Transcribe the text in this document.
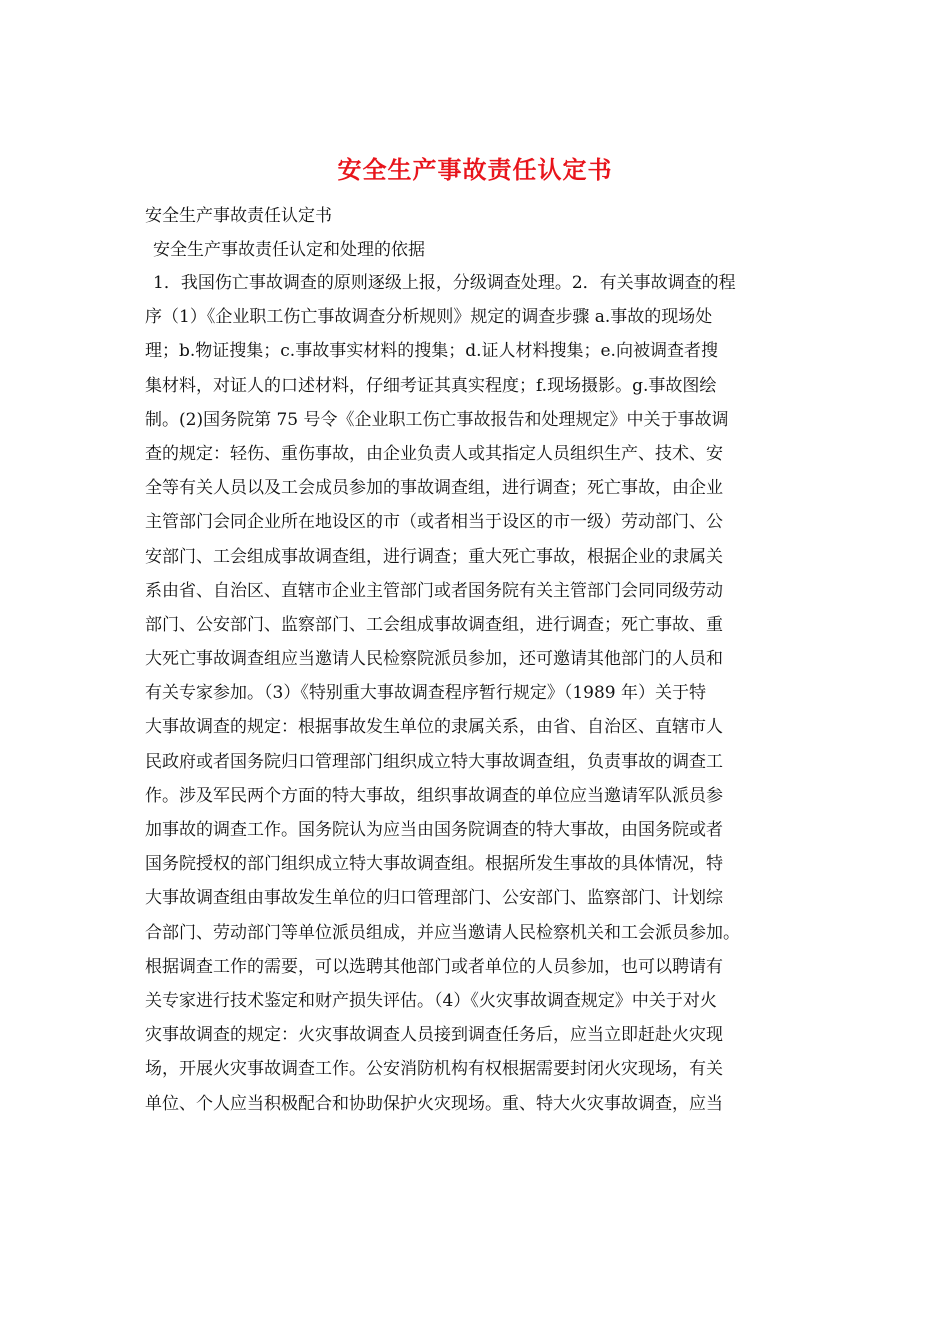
安全生产事故责任认定书

安全生产事故责任认定书

安全生产事故责任认定和处理的依据

1．我国伤亡事故调查的原则逐级上报，分级调查处理。2．有关事故调查的程
序（1）《企业职工伤亡事故调查分析规则》规定的调查步骤 a.事故的现场处
理；b.物证搜集；c.事故事实材料的搜集；d.证人材料搜集；e.向被调查者搜
集材料，对证人的口述材料，仔细考证其真实程度；f.现场摄影。g.事故图绘
制。(2)国务院第 75 号令《企业职工伤亡事故报告和处理规定》中关于事故调
查的规定：轻伤、重伤事故，由企业负责人或其指定人员组织生产、技术、安
全等有关人员以及工会成员参加的事故调查组，进行调查；死亡事故，由企业
主管部门会同企业所在地设区的市（或者相当于设区的市一级）劳动部门、公
安部门、工会组成事故调查组，进行调查；重大死亡事故，根据企业的隶属关
系由省、自治区、直辖市企业主管部门或者国务院有关主管部门会同同级劳动
部门、公安部门、监察部门、工会组成事故调查组，进行调查；死亡事故、重
大死亡事故调查组应当邀请人民检察院派员参加，还可邀请其他部门的人员和
有关专家参加。（3）《特别重大事故调查程序暂行规定》（1989 年）关于特
大事故调查的规定：根据事故发生单位的隶属关系，由省、自治区、直辖市人
民政府或者国务院归口管理部门组织成立特大事故调查组，负责事故的调查工
作。涉及军民两个方面的特大事故，组织事故调查的单位应当邀请军队派员参
加事故的调查工作。国务院认为应当由国务院调查的特大事故，由国务院或者
国务院授权的部门组织成立特大事故调查组。根据所发生事故的具体情况，特
大事故调查组由事故发生单位的归口管理部门、公安部门、监察部门、计划综
合部门、劳动部门等单位派员组成，并应当邀请人民检察机关和工会派员参加。
根据调查工作的需要，可以选聘其他部门或者单位的人员参加，也可以聘请有
关专家进行技术鉴定和财产损失评估。（4）《火灾事故调查规定》中关于对火
灾事故调查的规定：火灾事故调查人员接到调查任务后，应当立即赶赴火灾现
场，开展火灾事故调查工作。公安消防机构有权根据需要封闭火灾现场，有关
单位、个人应当积极配合和协助保护火灾现场。重、特大火灾事故调查，应当
